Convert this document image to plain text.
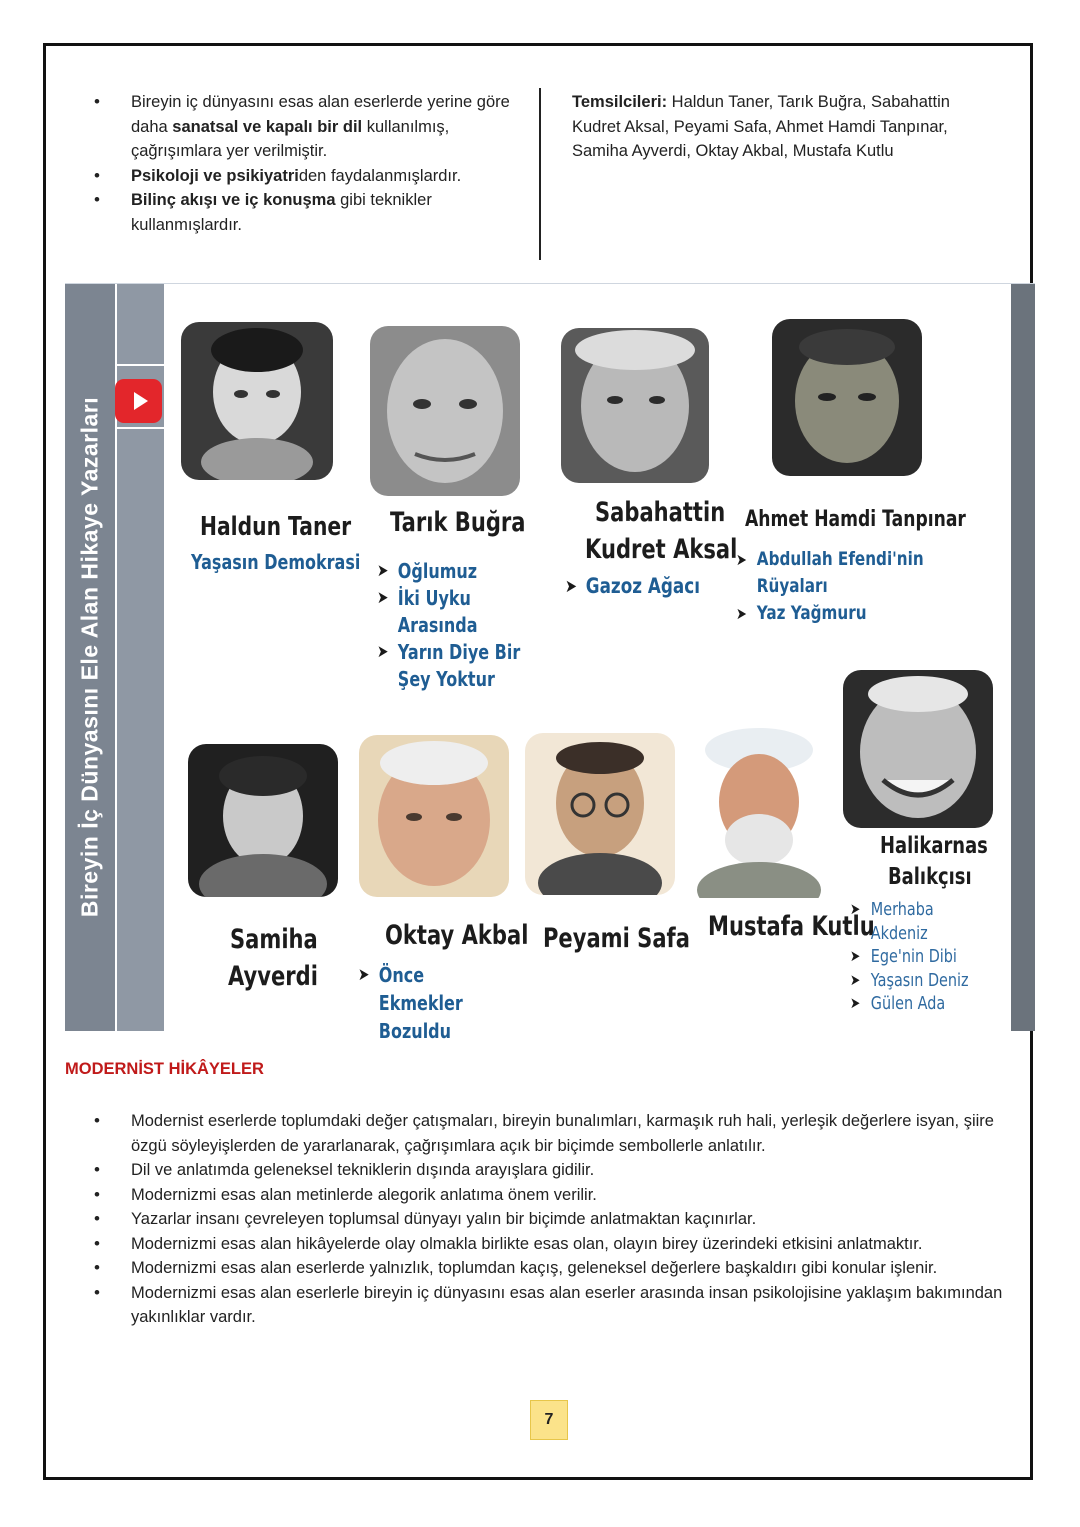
• Bireyin iç dünyasını esas alan eserlerde yerine göre daha sanatsal ve kapalı bir dil kullanılmış, çağrışımlara yer verilmiştir.
• Psikoloji ve psikiyatriden faydalanmışlardır.
• Bilinç akışı ve iç konuşma gibi teknikler kullanmışlardır.
Temsilcileri: Haldun Taner, Tarık Buğra, Sabahattin Kudret Aksal, Peyami Safa, Ahmet Hamdi Tanpınar, Samiha Ayverdi, Oktay Akbal, Mustafa Kutlu
Bireyin İç Dünyasını Ele Alan Hikaye Yazarları	Haldun Taner
Yaşasın Demokrasi
Tarık Buğra
➤ Oğlumuz
➤ İki Uyku Arasında
➤ Yarın Diye Bir Şey Yoktur
Sabahattin
Kudret Aksal
➤ Gazoz Ağacı
Ahmet Hamdi Tanpınar
➤ Abdullah Efendi'nin Rüyaları
➤ Yaz Yağmuru
Samiha
Ayverdi
Oktay Akbal
➤ Önce Ekmekler Bozuldu
Peyami Safa Mustafa Kutlu
Halikarnas
Balıkçısı
➤ Merhaba Akdeniz
➤ Ege'nin Dibi
➤ Yaşasın Deniz
➤ Gülen Ada
MODERNİST HİKÂYELER
• Modernist eserlerde toplumdaki değer çatışmaları, bireyin bunalımları, karmaşık ruh hali, yerleşik değerlere isyan, şiire özgü söyleyişlerden de yararlanarak, çağrışımlara açık bir biçimde sembollerle anlatılır.
• Dil ve anlatımda geleneksel tekniklerin dışında arayışlara gidilir.
• Modernizmi esas alan metinlerde alegorik anlatıma önem verilir.
• Yazarlar insanı çevreleyen toplumsal dünyayı yalın bir biçimde anlatmaktan kaçınırlar.
• Modernizmi esas alan hikâyelerde olay olmakla birlikte esas olan, olayın birey üzerindeki etkisini anlatmaktır.
• Modernizmi esas alan eserlerde yalnızlık, toplumdan kaçış, geleneksel değerlere başkaldırı gibi konular işlenir.
• Modernizmi esas alan eserlerle bireyin iç dünyasını esas alan eserler arasında insan psikolojisine yaklaşım bakımından yakınlıklar vardır.
7
